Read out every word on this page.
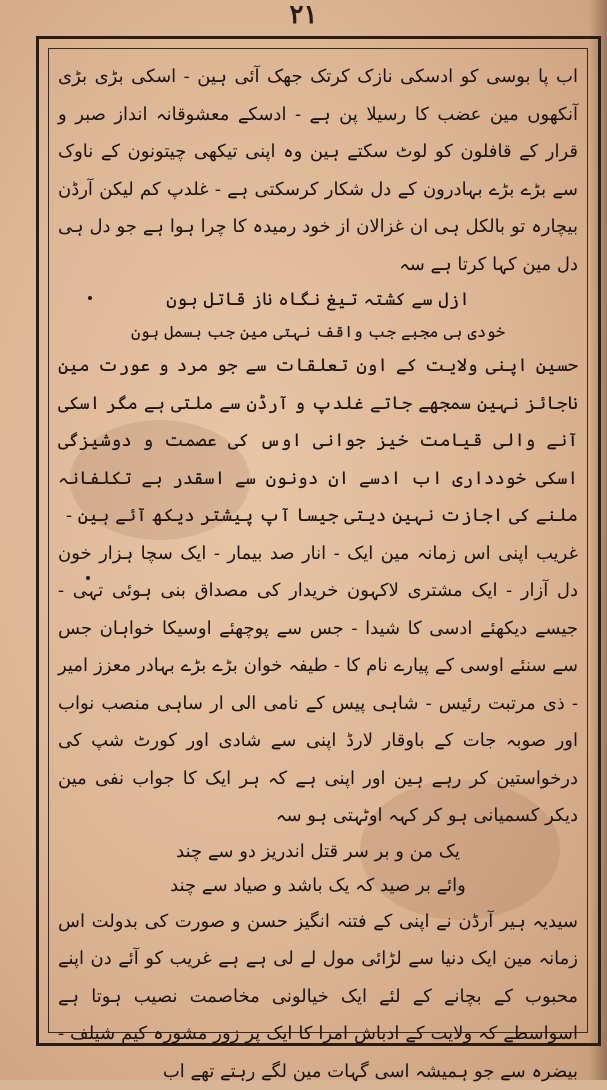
۲۱

اب پا بوسی کو ادسکی نازک کرتک جھک آئی ہین - اسکی بڑی بڑی آنکھوں مین عضب کا رسیلا پن ہے - ادسکے معشوقانہ انداز صبر و قرار کے قافلون کو لوٹ سکتے ہین وہ اپنی تیکھی چیتونون کے ناوک سے بڑے بڑے بہادرون کے دل شکار کرسکتی ہے - غلدپ کم لیکن آرڈن بیچارہ تو بالکل ہی ان غزالان از خود رمیدہ کا چرا ہوا ہے جو دل ہی دل مین کہا کرتا ہے سہ

ازل سے کشتہ تیغ نگاہ ناز قاتل ہون

خودی ہی مجبے جب واقف نہتی مین جب بسمل ہون

حسین اپنی ولایت کے اون تعلقات سے جو مرد و عورت مین ناجائز نہین سمجھے جاتے غلدپ و آرڈن سے ملتی ہے مگر اسکی آنے والی قیامت خیز جوانی اوس کی عصمت و دوشیزگی اسکی خودداری اب ادسے ان دونون سے اسقدر بے تکلفانہ ملنے کی اجازت نہین دیتی جیسا آپ پیشتر دیکھ آئے ہین -

غریب اپنی اس زمانہ مین ایک - انار صد بیمار - ایک سچا ہزار خون دل آزار - ایک مشتری لاکہون خریدار کی مصداق بنی ہوئی تہی - جیسے دیکھئے ادسی کا شیدا - جس سے پوچھئے اوسیکا خواہان جس سے سنئے اوسی کے پیارے نام کا - طیفہ خوان بڑے بڑے بہادر معزز امیر - ذی مرتبت رئیس - شاہی پیس کے نامی الی ار ساہی منصب نواب اور صوبہ جات کے باوقار لارڈ اپنی سے شادی اور کورٹ شپ کی درخواستین کر رہے ہین اور اپنی ہے کہ ہر ایک کا جواب نفی مین دیکر کسمیانی ہو کر کہہ اوٹہتی ہو سہ

یک من و بر سر قتل اندریز دو سے چند

وائے بر صید کہ یک باشد و صیاد سے چند

سیدیہ ہیر آرڈن نے اپنی کے فتنہ انگیز حسن و صورت کی بدولت اس زمانہ مین ایک دنیا سے لڑائی مول لے لی ہے ہے غریب کو آئے دن اپنے محبوب کے بچانے کے لئے ایک خیالونی مخاصمت نصیب ہوتا ہے اسواسطے کہ ولایت کے ادباش امرا کا ایک پر زور مشورہ کیم شیلف - بیضرہ سے جو ہمیشہ اسی گہات مین لگے رہتے تھے اب
